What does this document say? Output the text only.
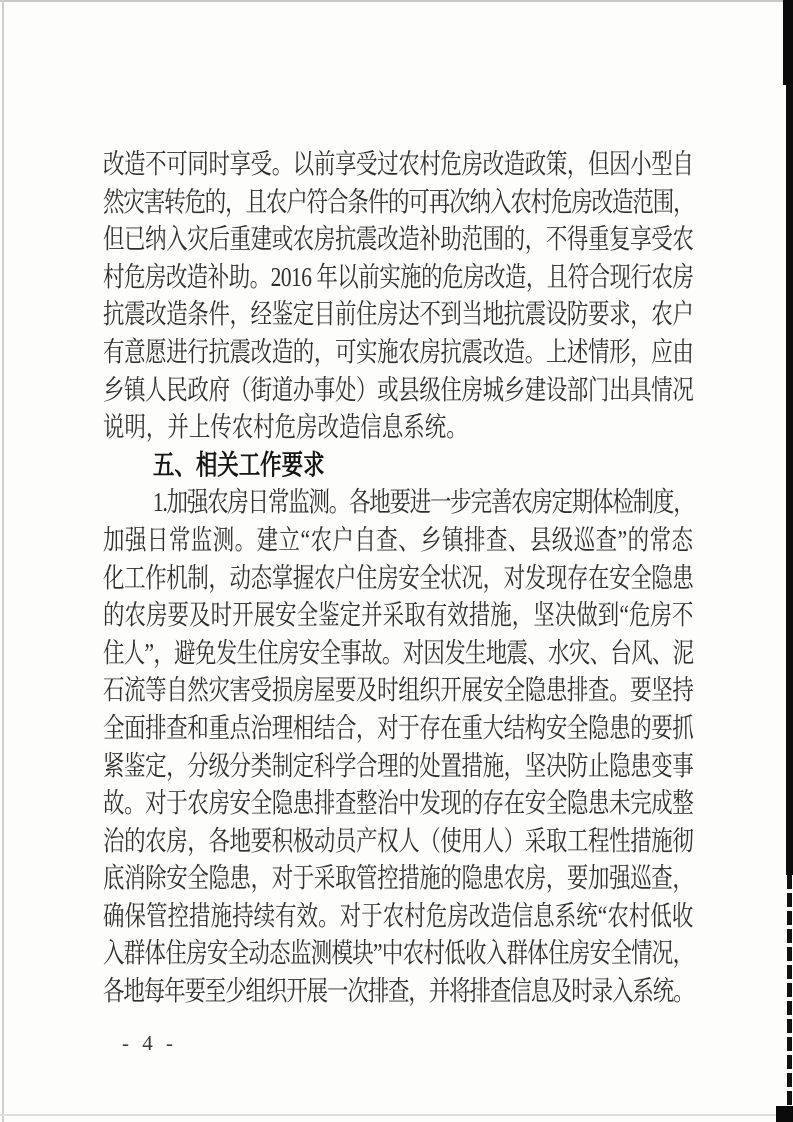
改造不可同时享受。以前享受过农村危房改造政策，但因小型自
然灾害转危的，且农户符合条件的可再次纳入农村危房改造范围，
但已纳入灾后重建或农房抗震改造补助范围的，不得重复享受农
村危房改造补助。2016 年以前实施的危房改造，且符合现行农房
抗震改造条件，经鉴定目前住房达不到当地抗震设防要求，农户
有意愿进行抗震改造的，可实施农房抗震改造。上述情形，应由
乡镇人民政府（街道办事处）或县级住房城乡建设部门出具情况
说明，并上传农村危房改造信息系统。
五、相关工作要求
1.加强农房日常监测。各地要进一步完善农房定期体检制度，
加强日常监测。建立“农户自查、乡镇排查、县级巡查”的常态
化工作机制，动态掌握农户住房安全状况，对发现存在安全隐患
的农房要及时开展安全鉴定并采取有效措施，坚决做到“危房不
住人”，避免发生住房安全事故。对因发生地震、水灾、台风、泥
石流等自然灾害受损房屋要及时组织开展安全隐患排查。要坚持
全面排查和重点治理相结合，对于存在重大结构安全隐患的要抓
紧鉴定，分级分类制定科学合理的处置措施，坚决防止隐患变事
故。对于农房安全隐患排查整治中发现的存在安全隐患未完成整
治的农房，各地要积极动员产权人（使用人）采取工程性措施彻
底消除安全隐患，对于采取管控措施的隐患农房，要加强巡查，
确保管控措施持续有效。对于农村危房改造信息系统“农村低收
入群体住房安全动态监测模块”中农村低收入群体住房安全情况，
各地每年要至少组织开展一次排查，并将排查信息及时录入系统。
- 4 -
